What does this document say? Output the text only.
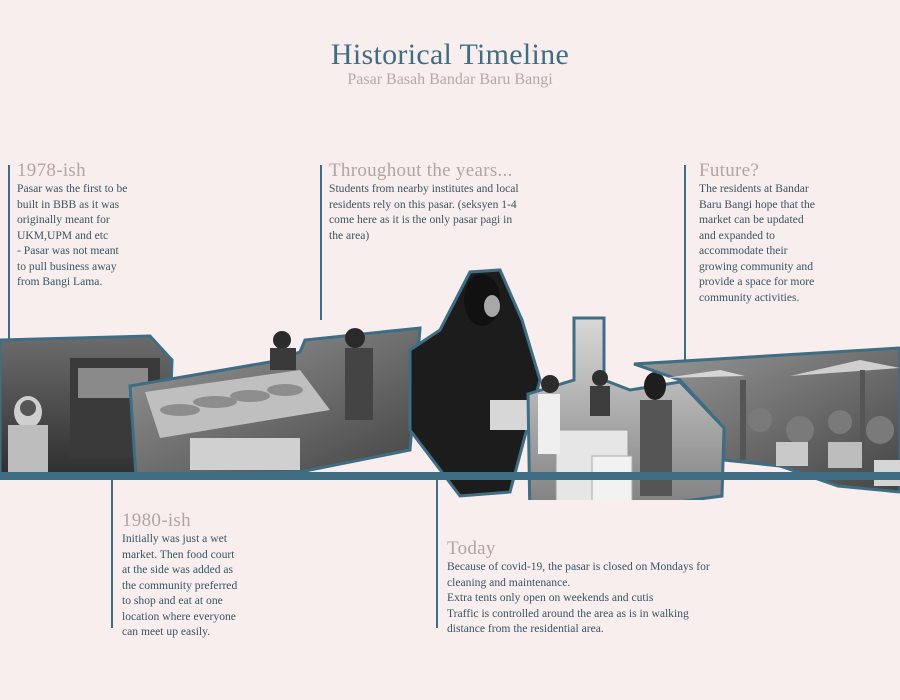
Historical Timeline
Pasar Basah Bandar Baru Bangi
1978-ish
Pasar was the first to be
built in BBB as it was
originally meant for
UKM,UPM and etc
- Pasar was not meant
to pull business away
from Bangi Lama.
Throughout the years...
Students from nearby institutes and local
residents rely on this pasar. (seksyen 1-4
come here as it is the only pasar pagi in
the area)
Future?
The residents at Bandar
Baru Bangi hope that the
market can be updated
and expanded to
accommodate their
growing community and
provide a space for more
community activities.
1980-ish
Initially was just a wet
market. Then food court
at the side was added as
the community preferred
to shop and eat at one
location where everyone
can meet up easily.
Today
Because of covid-19, the pasar is closed on Mondays for
cleaning and maintenance.
Extra tents only open on weekends and cutis
Traffic is controlled around the area as is in walking
distance from the residential area.
